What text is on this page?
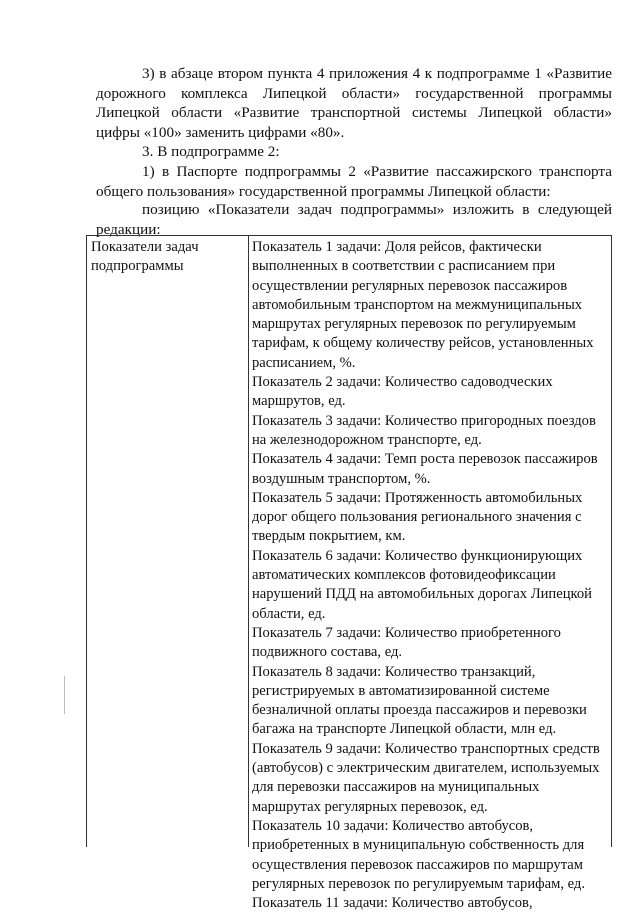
3) в абзаце втором пункта 4 приложения 4 к подпрограмме 1 «Развитие дорожного комплекса Липецкой области» государственной программы Липецкой области «Развитие транспортной системы Липецкой области» цифры «100» заменить цифрами «80».

3. В подпрограмме 2:

1) в Паспорте подпрограммы 2 «Развитие пассажирского транспорта общего пользования» государственной программы Липецкой области:

позицию «Показатели задач подпрограммы» изложить в следующей редакции:

Показатели задач подпрограммы

Показатель 1 задачи: Доля рейсов, фактически выполненных в соответствии с расписанием при осуществлении регулярных перевозок пассажиров автомобильным транспортом на межмуниципальных маршрутах регулярных перевозок по регулируемым тарифам, к общему количеству рейсов, установленных расписанием, %.

Показатель 2 задачи: Количество садоводческих маршрутов, ед.

Показатель 3 задачи: Количество пригородных поездов на железнодорожном транспорте, ед.

Показатель 4 задачи: Темп роста перевозок пассажиров воздушным транспортом, %.

Показатель 5 задачи: Протяженность автомобильных дорог общего пользования регионального значения с твердым покрытием, км.

Показатель 6 задачи: Количество функционирующих автоматических комплексов фотовидеофиксации нарушений ПДД на автомобильных дорогах Липецкой области, ед.

Показатель 7 задачи: Количество приобретенного подвижного состава, ед.

Показатель 8 задачи: Количество транзакций, регистрируемых в автоматизированной системе безналичной оплаты проезда пассажиров и перевозки багажа на транспорте Липецкой области, млн ед.

Показатель 9 задачи: Количество транспортных средств (автобусов) с электрическим двигателем, используемых для перевозки пассажиров на муниципальных маршрутах регулярных перевозок, ед.

Показатель 10 задачи: Количество автобусов, приобретенных в муниципальную собственность для осуществления перевозок пассажиров по маршрутам регулярных перевозок по регулируемым тарифам, ед.

Показатель 11 задачи: Количество автобусов,
